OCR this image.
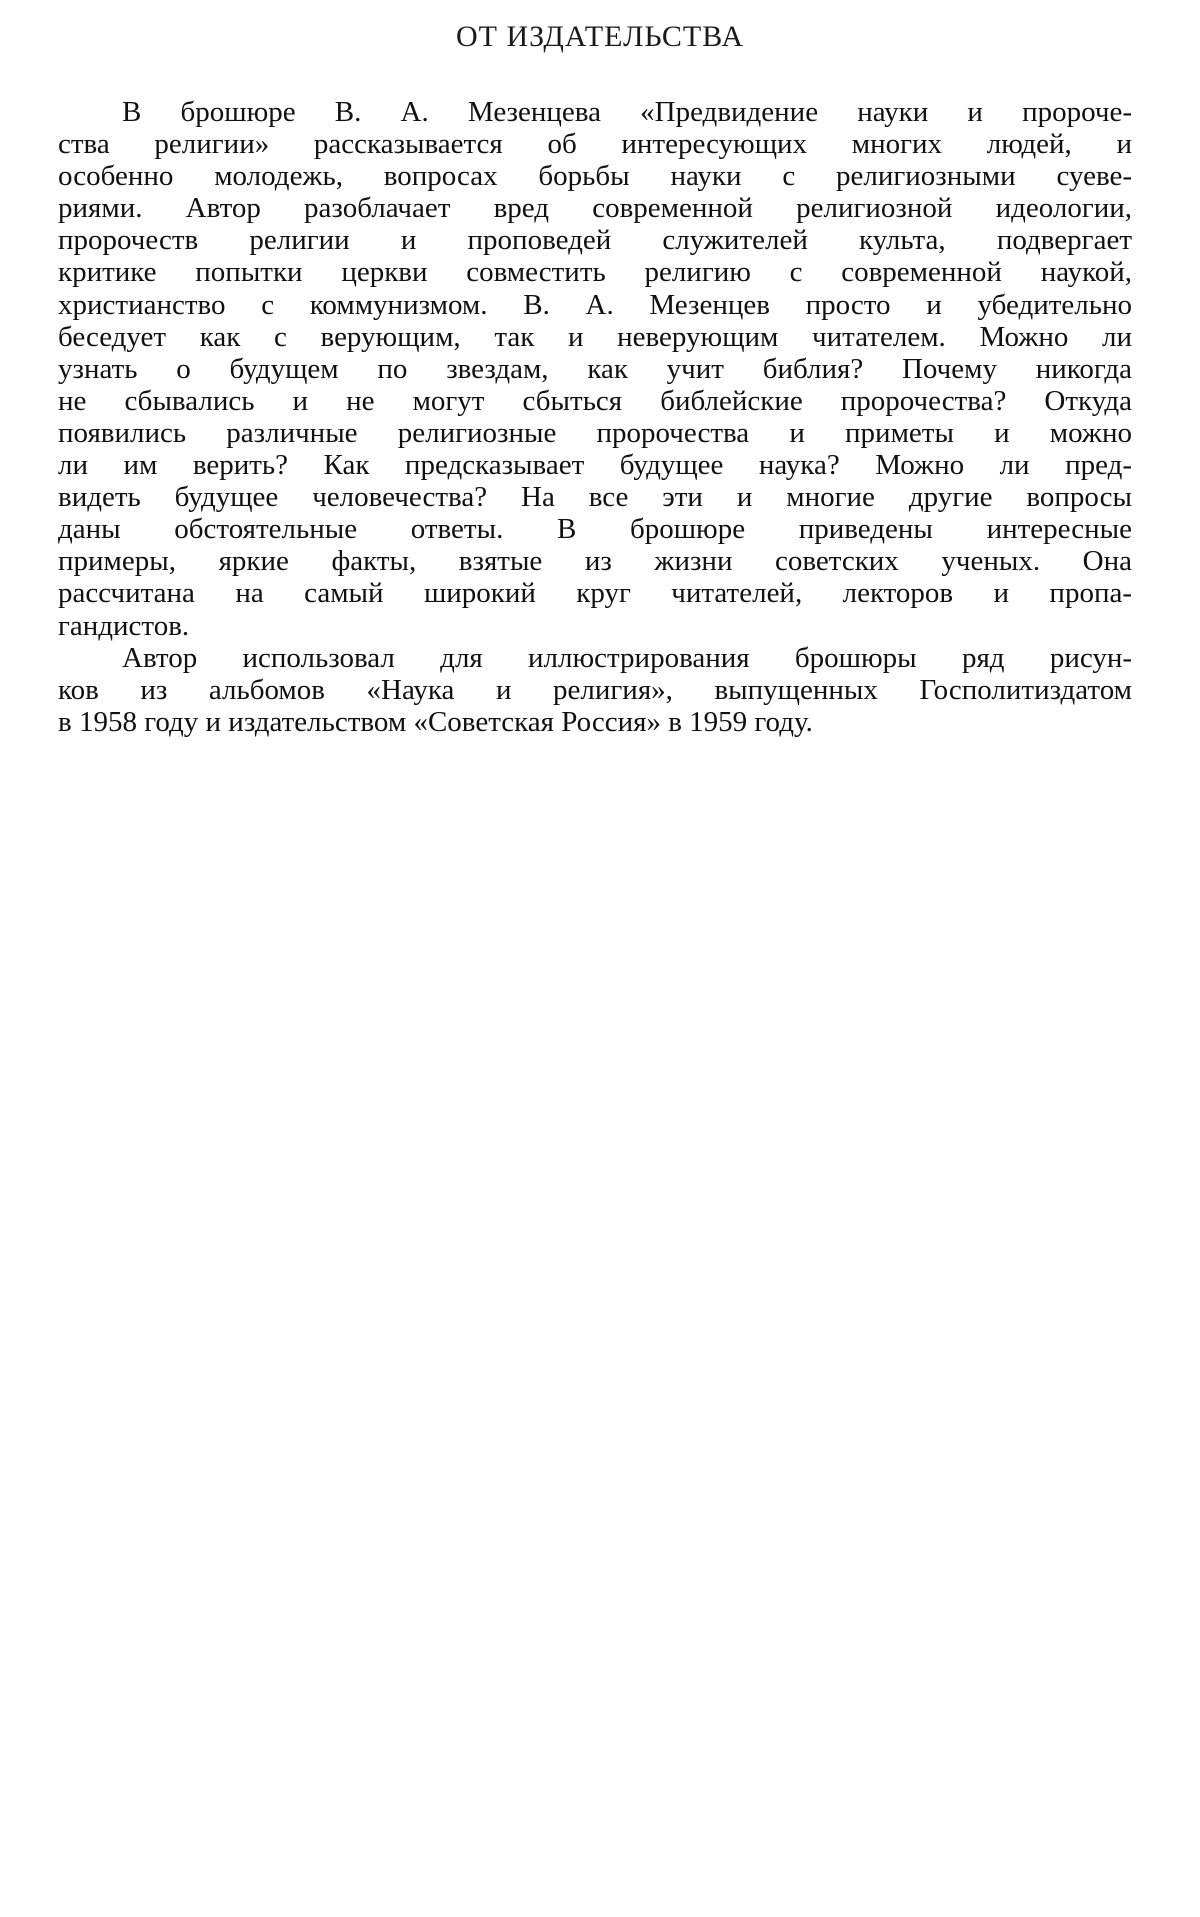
ОТ ИЗДАТЕЛЬСТВА
В брошюре В. А. Мезенцева «Предвидение науки и пророче-
ства религии» рассказывается об интересующих многих людей, и
особенно молодежь, вопросах борьбы науки с религиозными суеве-
риями. Автор разоблачает вред современной религиозной идеологии,
пророчеств религии и проповедей служителей культа, подвергает
критике попытки церкви совместить религию с современной наукой,
христианство с коммунизмом. В. А. Мезенцев просто и убедительно
беседует как с верующим, так и неверующим читателем. Можно ли
узнать о будущем по звездам, как учит библия? Почему никогда
не сбывались и не могут сбыться библейские пророчества? Откуда
появились различные религиозные пророчества и приметы и можно
ли им верить? Как предсказывает будущее наука? Можно ли пред-
видеть будущее человечества? На все эти и многие другие вопросы
даны обстоятельные ответы. В брошюре приведены интересные
примеры, яркие факты, взятые из жизни советских ученых. Она
рассчитана на самый широкий круг читателей, лекторов и пропа-
гандистов.
Автор использовал для иллюстрирования брошюры ряд рисун-
ков из альбомов «Наука и религия», выпущенных Госполитиздатом
в 1958 году и издательством «Советская Россия» в 1959 году.
